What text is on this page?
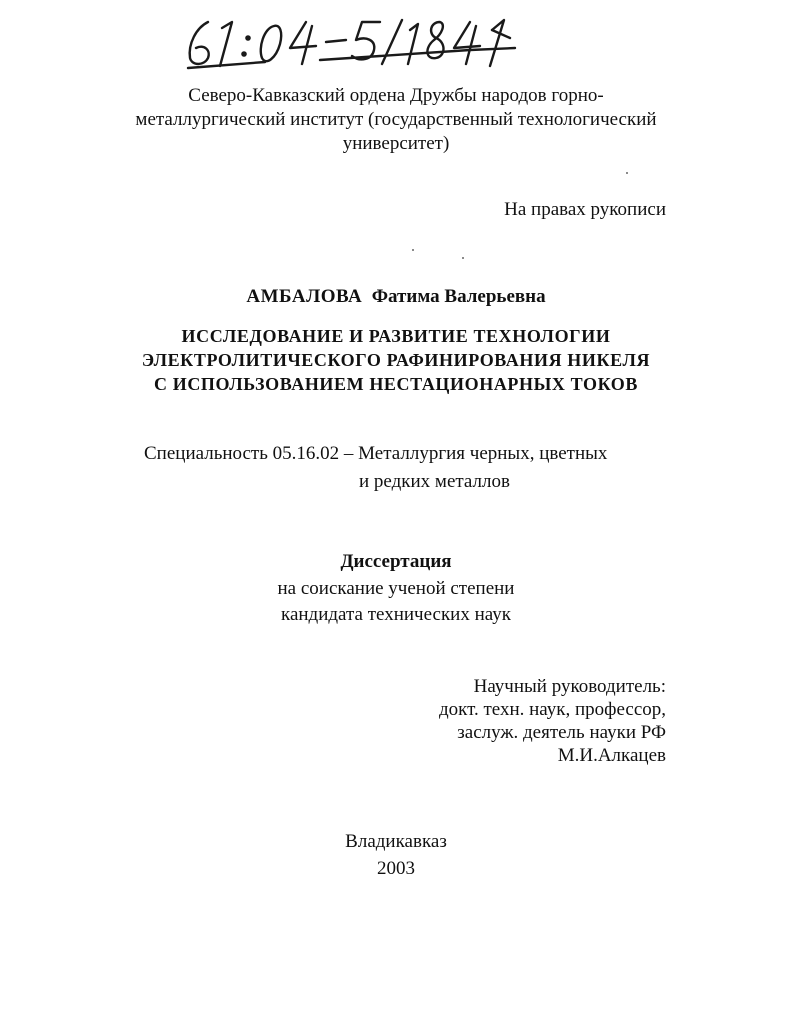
Северо-Кавказский ордена Дружбы народов горно-
металлургический институт (государственный технологический
университет)
На правах рукописи
АМБАЛОВА Фатима Валерьевна
ИССЛЕДОВАНИЕ И РАЗВИТИЕ ТЕХНОЛОГИИ
ЭЛЕКТРОЛИТИЧЕСКОГО РАФИНИРОВАНИЯ НИКЕЛЯ
С ИСПОЛЬЗОВАНИЕМ НЕСТАЦИОНАРНЫХ ТОКОВ
Специальность 05.16.02 – Металлургия черных, цветных
и редких металлов
Диссертация
на соискание ученой степени
кандидата технических наук
Научный руководитель:
докт. техн. наук, профессор,
заслуж. деятель науки РФ
М.И.Алкацев
Владикавказ
2003
